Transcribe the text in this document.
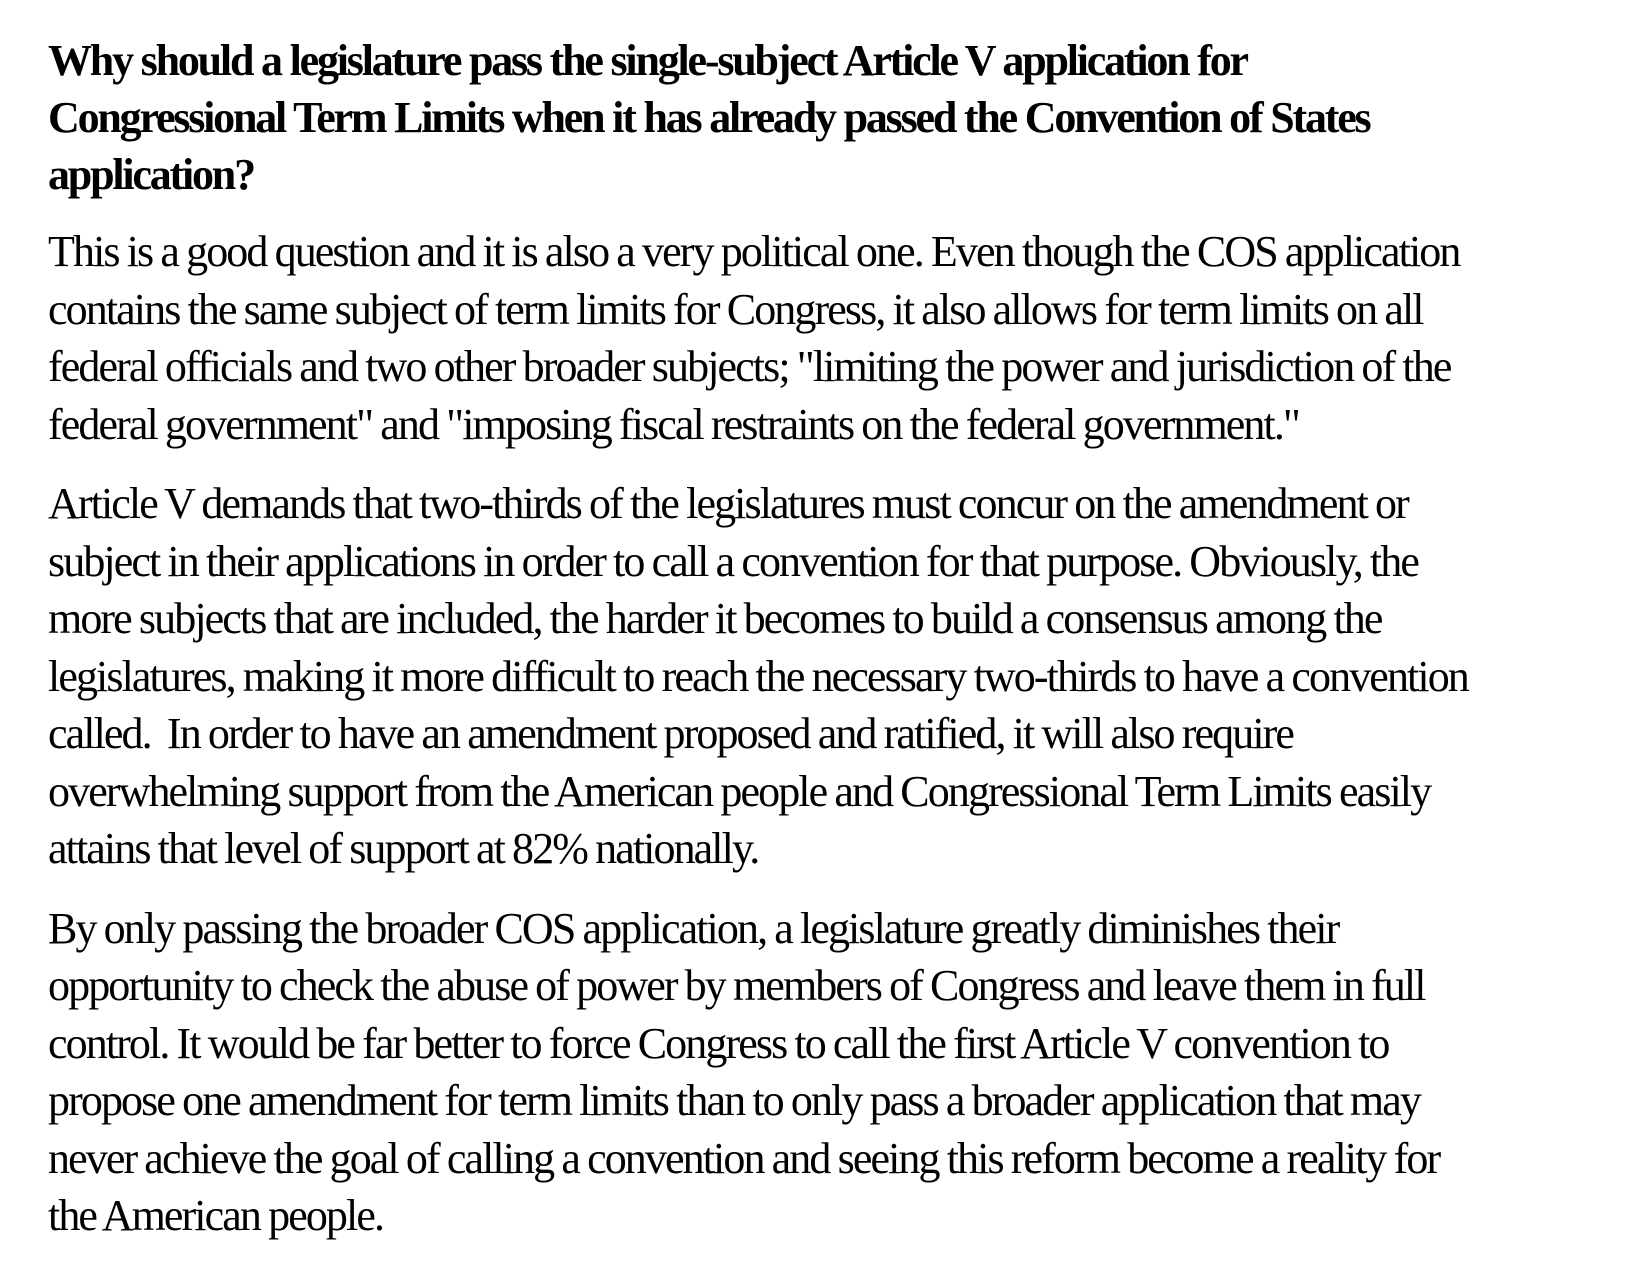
Why should a legislature pass the single-subject Article V application for
Congressional Term Limits when it has already passed the Convention of States
application?

This is a good question and it is also a very political one. Even though the COS application
contains the same subject of term limits for Congress, it also allows for term limits on all
federal officials and two other broader subjects; "limiting the power and jurisdiction of the
federal government" and "imposing fiscal restraints on the federal government."

Article V demands that two-thirds of the legislatures must concur on the amendment or
subject in their applications in order to call a convention for that purpose. Obviously, the
more subjects that are included, the harder it becomes to build a consensus among the
legislatures, making it more difficult to reach the necessary two-thirds to have a convention
called.  In order to have an amendment proposed and ratified, it will also require
overwhelming support from the American people and Congressional Term Limits easily
attains that level of support at 82% nationally.

By only passing the broader COS application, a legislature greatly diminishes their
opportunity to check the abuse of power by members of Congress and leave them in full
control. It would be far better to force Congress to call the first Article V convention to
propose one amendment for term limits than to only pass a broader application that may
never achieve the goal of calling a convention and seeing this reform become a reality for
the American people.
